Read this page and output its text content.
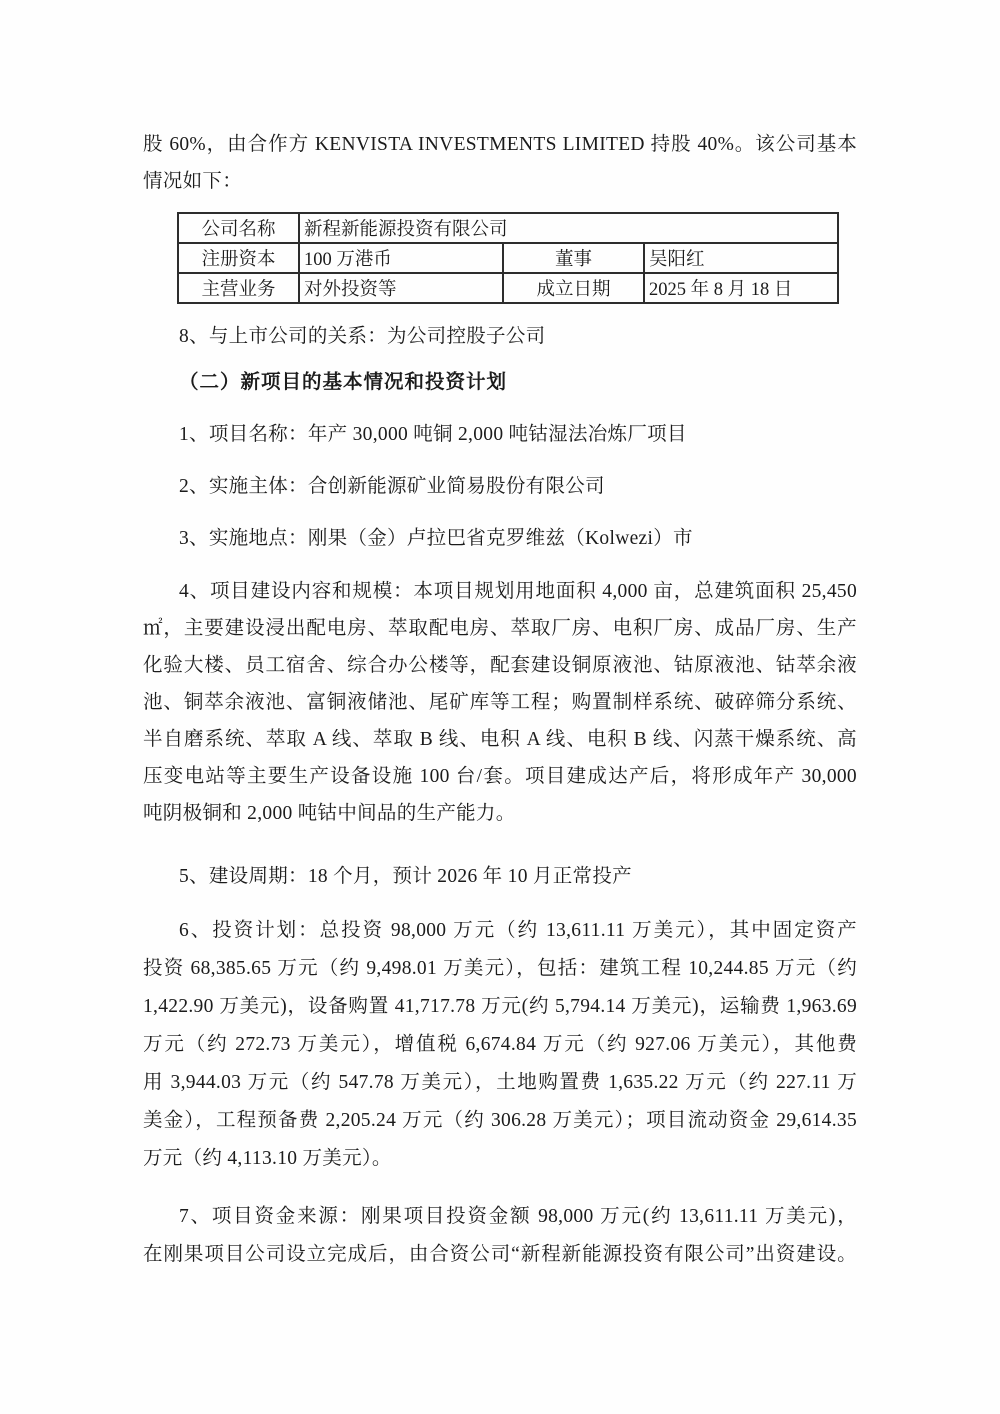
股 60%，由合作方 KENVISTA INVESTMENTS LIMITED 持股 40%。该公司基本
情况如下：
公司名称	新程新能源投资有限公司		
注册资本	100 万港币	董事	吴阳红
主营业务	对外投资等	成立日期	2025 年 8 月 18 日
8、与上市公司的关系：为公司控股子公司
（二）新项目的基本情况和投资计划
1、项目名称：年产 30,000 吨铜 2,000 吨钴湿法冶炼厂项目
2、实施主体：合创新能源矿业简易股份有限公司
3、实施地点：刚果（金）卢拉巴省克罗维兹（Kolwezi）市
4、项目建设内容和规模：本项目规划用地面积 4,000 亩，总建筑面积 25,450
㎡，主要建设浸出配电房、萃取配电房、萃取厂房、电积厂房、成品厂房、生产
化验大楼、员工宿舍、综合办公楼等，配套建设铜原液池、钴原液池、钴萃余液
池、铜萃余液池、富铜液储池、尾矿库等工程；购置制样系统、破碎筛分系统、
半自磨系统、萃取 A 线、萃取 B 线、电积 A 线、电积 B 线、闪蒸干燥系统、高
压变电站等主要生产设备设施 100 台/套。项目建成达产后，将形成年产 30,000
吨阴极铜和 2,000 吨钴中间品的生产能力。
5、建设周期：18 个月，预计 2026 年 10 月正常投产
6、投资计划：总投资 98,000 万元（约 13,611.11 万美元），其中固定资产
投资 68,385.65 万元（约 9,498.01 万美元），包括：建筑工程 10,244.85 万元（约
1,422.90 万美元)，设备购置 41,717.78 万元(约 5,794.14 万美元)，运输费 1,963.69
万元（约 272.73 万美元），增值税 6,674.84 万元（约 927.06 万美元），其他费
用 3,944.03 万元（约 547.78 万美元），土地购置费 1,635.22 万元（约 227.11 万
美金），工程预备费 2,205.24 万元（约 306.28 万美元）；项目流动资金 29,614.35
万元（约 4,113.10 万美元）。
7、项目资金来源：刚果项目投资金额 98,000 万元(约 13,611.11 万美元)，
在刚果项目公司设立完成后，由合资公司“新程新能源投资有限公司”出资建设。
